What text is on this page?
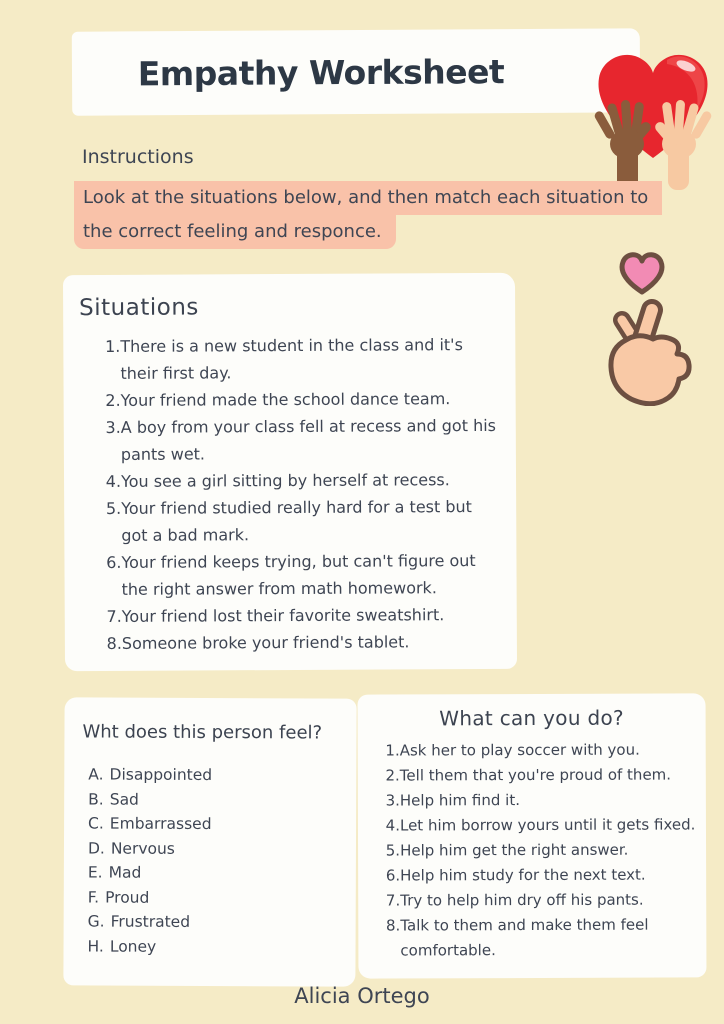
Empathy Worksheet
Instructions
Look at the situations below, and then match each situation to
the correct feeling and responce.
Situations
1. There is a new student in the class and it's their first day.
2. Your friend made the school dance team.
3. A boy from your class fell at recess and got his pants wet.
4. You see a girl sitting by herself at recess.
5. Your friend studied really hard for a test but got a bad mark.
6. Your friend keeps trying, but can't figure out the right answer from math homework.
7. Your friend lost their favorite sweatshirt.
8. Someone broke your friend's tablet.
Wht does this person feel?
A. Disappointed
B. Sad
C. Embarrassed
D. Nervous
E. Mad
F. Proud
G. Frustrated
H. Loney
What can you do?
1. Ask her to play soccer with you.
2. Tell them that you're proud of them.
3. Help him find it.
4. Let him borrow yours until it gets fixed.
5. Help him get the right answer.
6. Help him study for the next text.
7. Try to help him dry off his pants.
8. Talk to them and make them feel comfortable.
Alicia Ortego
